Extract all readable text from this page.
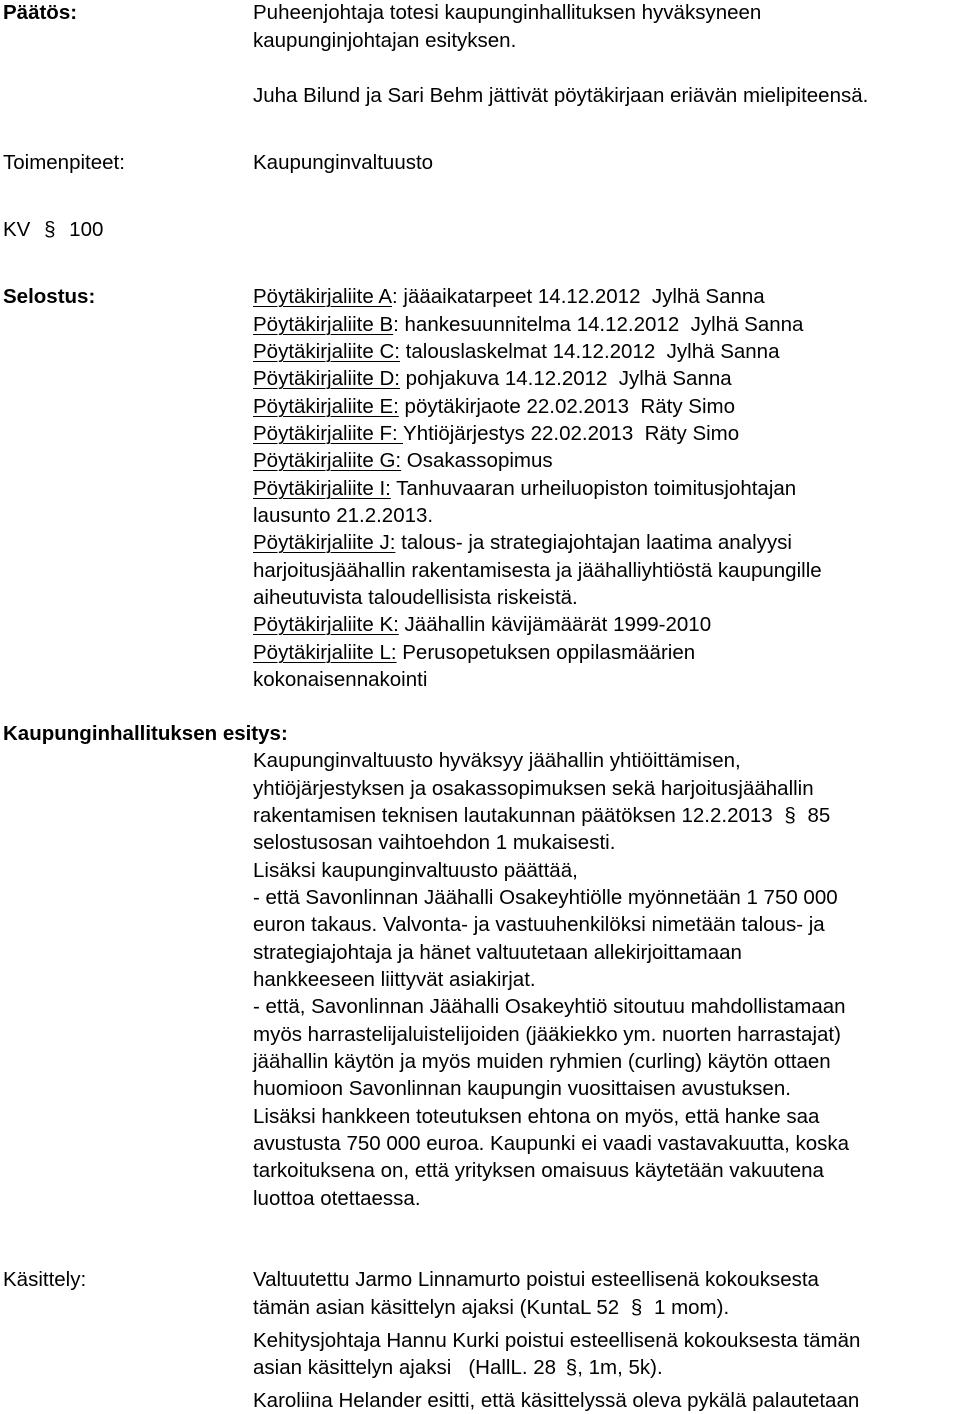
Päätös:	Puheenjohtaja totesi kaupunginhallituksen hyväksyneen
kaupunginjohtajan esityksen.
Juha Bilund ja Sari Behm jättivät pöytäkirjaan eriävän mielipiteensä.
Toimenpiteet:	Kaupunginvaltuusto
KV § 100
Selostus:	Pöytäkirjaliite A: jääaikatarpeet 14.12.2012  Jylhä Sanna
Pöytäkirjaliite B: hankesuunnitelma 14.12.2012  Jylhä Sanna
Pöytäkirjaliite C: talouslaskelmat 14.12.2012  Jylhä Sanna
Pöytäkirjaliite D: pohjakuva 14.12.2012  Jylhä Sanna
Pöytäkirjaliite E: pöytäkirjaote 22.02.2013  Räty Simo
Pöytäkirjaliite F: Yhtiöjärjestys 22.02.2013  Räty Simo
Pöytäkirjaliite G: Osakassopimus
Pöytäkirjaliite I: Tanhuvaaran urheiluopiston toimitusjohtajan
lausunto 21.2.2013.
Pöytäkirjaliite J: talous- ja strategiajohtajan laatima analyysi
harjoitusjäähallin rakentamisesta ja jäähalliyhtiöstä kaupungille
aiheutuvista taloudellisista riskeistä.
Pöytäkirjaliite K: Jäähallin kävijämäärät 1999-2010
Pöytäkirjaliite L: Perusopetuksen oppilasmäärien
kokonaisennakointi
Kaupunginhallituksen esitys:
Kaupunginvaltuusto hyväksyy jäähallin yhtiöittämisen,
yhtiöjärjestyksen ja osakassopimuksen sekä harjoitusjäähallin
rakentamisen teknisen lautakunnan päätöksen 12.2.2013 § 85
selostusosan vaihtoehdon 1 mukaisesti.
Lisäksi kaupunginvaltuusto päättää,
- että Savonlinnan Jäähalli Osakeyhtiölle myönnetään 1 750 000
euron takaus. Valvonta- ja vastuuhenkilöksi nimetään talous- ja
strategiajohtaja ja hänet valtuutetaan allekirjoittamaan
hankkeeseen liittyvät asiakirjat.
- että, Savonlinnan Jäähalli Osakeyhtiö sitoutuu mahdollistamaan
myös harrastelijaluistelijoiden (jääkiekko ym. nuorten harrastajat)
jäähallin käytön ja myös muiden ryhmien (curling) käytön ottaen
huomioon Savonlinnan kaupungin vuosittaisen avustuksen.
Lisäksi hankkeen toteutuksen ehtona on myös, että hanke saa
avustusta 750 000 euroa. Kaupunki ei vaadi vastavakuutta, koska
tarkoituksena on, että yrityksen omaisuus käytetään vakuutena
luottoa otettaessa.
Käsittely:	Valtuutettu Jarmo Linnamurto poistui esteellisenä kokouksesta
tämän asian käsittelyn ajaksi (KuntaL 52 § 1 mom).
Kehitysjohtaja Hannu Kurki poistui esteellisenä kokouksesta tämän
asian käsittelyn ajaksi   (HallL. 28 §, 1m, 5k).
Karoliina Helander esitti, että käsittelyssä oleva pykälä palautetaan
